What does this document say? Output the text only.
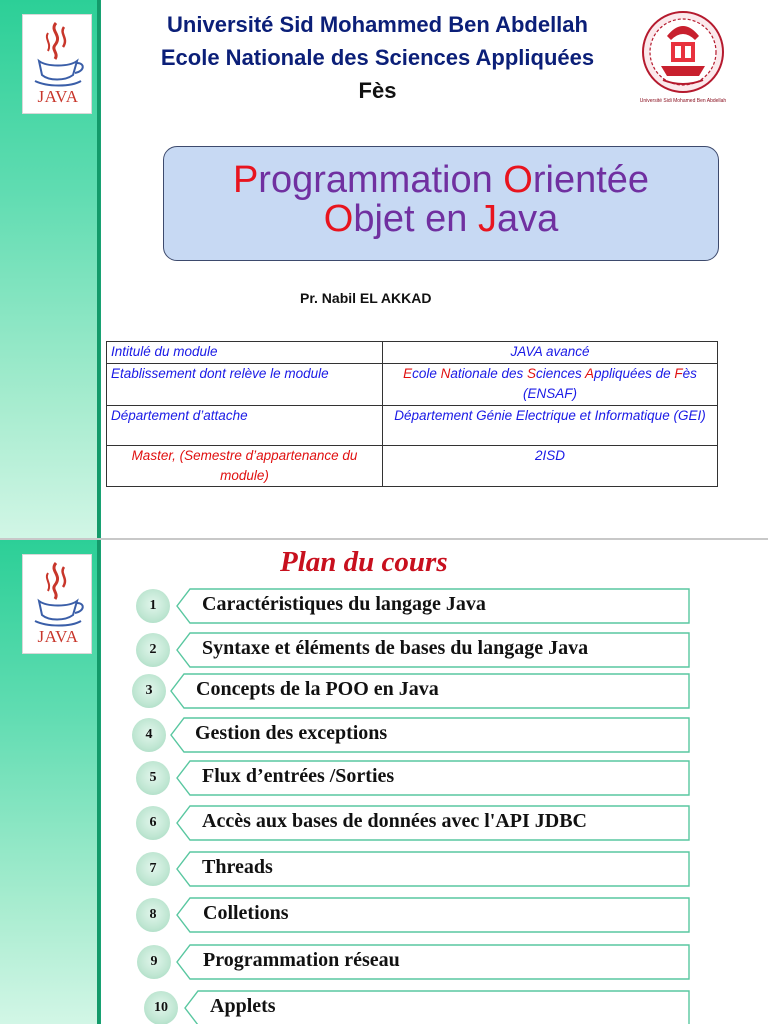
JAVA
Université Sid Mohammed Ben Abdellah
Ecole Nationale des Sciences Appliquées
Fès	Université Sidi Mohamed Ben Abdellah
Programmation Orientée
Objet en Java
Pr. Nabil EL AKKAD
Intitulé du module	JAVA avancé
Etablissement dont relève le module	Ecole Nationale des Sciences Appliquées de Fès (ENSAF)
Département d’attache	Département Génie Electrique et Informatique (GEI)
Master, (Semestre d’appartenance du module)	2ISD
JAVA
Plan du cours
1	Caractéristiques du langage Java
2	Syntaxe et éléments de bases du langage Java
3	Concepts de la POO en Java
4	Gestion des exceptions
5	Flux d’entrées /Sorties
6	Accès aux bases de données avec l'API JDBC
7	Threads
8	Colletions
9	Programmation réseau
10	Applets
